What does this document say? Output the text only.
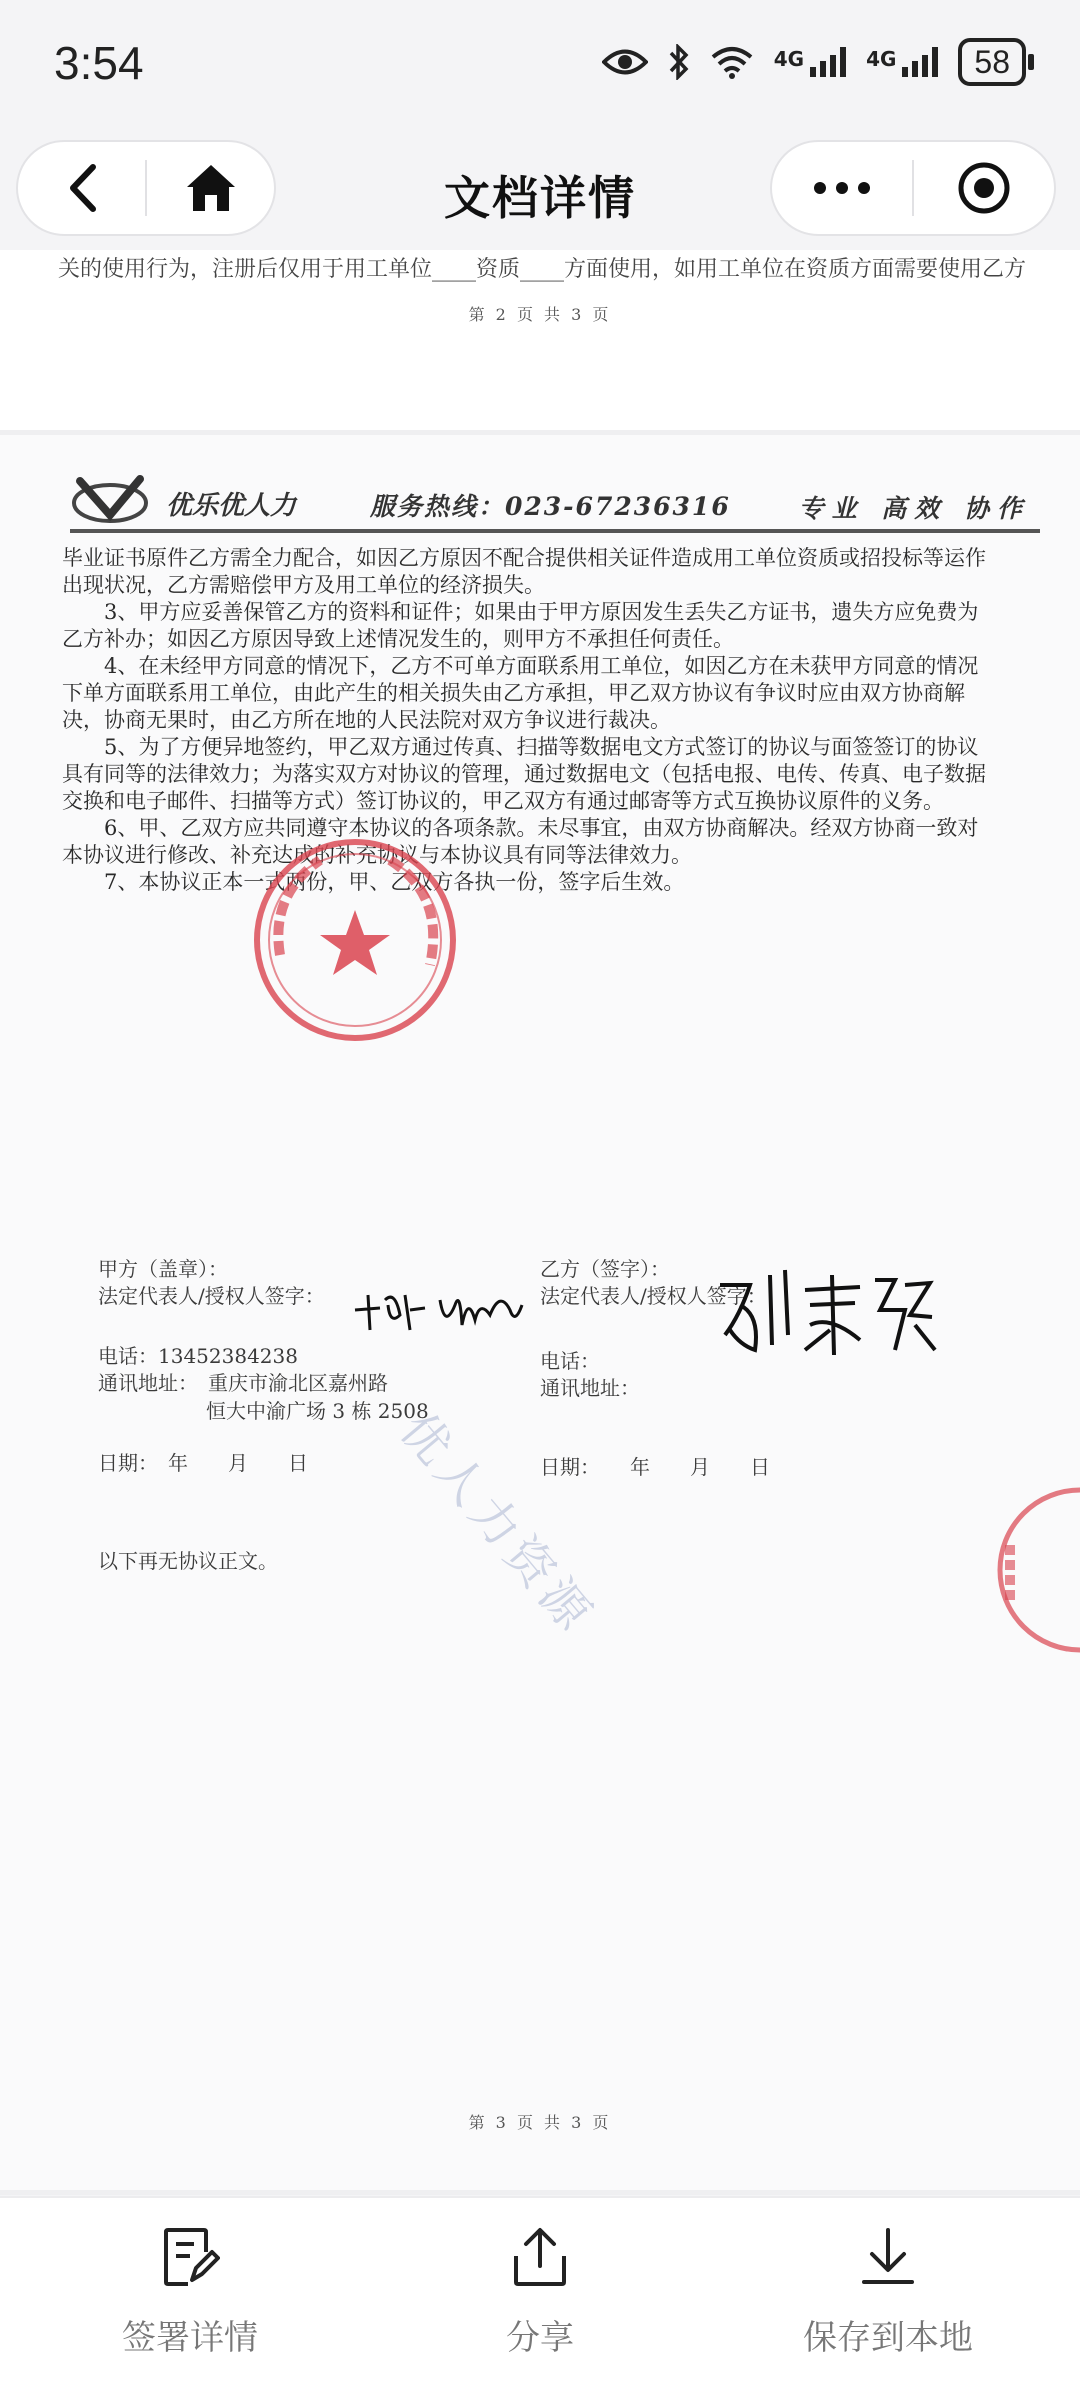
3:54	4G	4G	58
文档详情
关的使用行为，注册后仅用于用工单位____资质____方面使用，如用工单位在资质方面需要使用乙方
第 2 页 共 3 页
优乐优人力	服务热线：023-67236316	专业 高效 协作

毕业证书原件乙方需全力配合，如因乙方原因不配合提供相关证件造成用工单位资质或招投标等运作出现状况，乙方需赔偿甲方及用工单位的经济损失。

3、甲方应妥善保管乙方的资料和证件；如果由于甲方原因发生丢失乙方证书，遗失方应免费为乙方补办；如因乙方原因导致上述情况发生的，则甲方不承担任何责任。

4、在未经甲方同意的情况下，乙方不可单方面联系用工单位，如因乙方在未获甲方同意的情况下单方面联系用工单位，由此产生的相关损失由乙方承担，甲乙双方协议有争议时应由双方协商解决，协商无果时，由乙方所在地的人民法院对双方争议进行裁决。

5、为了方便异地签约，甲乙双方通过传真、扫描等数据电文方式签订的协议与面签签订的协议具有同等的法律效力；为落实双方对协议的管理，通过数据电文（包括电报、电传、传真、电子数据交换和电子邮件、扫描等方式）签订协议的，甲乙双方有通过邮寄等方式互换协议原件的义务。

6、甲、乙双方应共同遵守本协议的各项条款。未尽事宜，由双方协商解决。经双方协商一致对本协议进行修改、补充达成的补充协议与本协议具有同等法律效力。

7、本协议正本一式两份，甲、乙双方各执一份，签字后生效。

甲方（盖章）：
法定代表人/授权人签字：
电话：13452384238
通讯地址： 重庆市渝北区嘉州路
恒大中渝广场 3 栋 2508
日期：　年　　月　　日
乙方（签字）：
法定代表人/授权人签字：
电话：
通讯地址：
日期：　　年　　月　　日
以下再无协议正文。 优人力资源
第 3 页 共 3 页
签署详情	分享	保存到本地
